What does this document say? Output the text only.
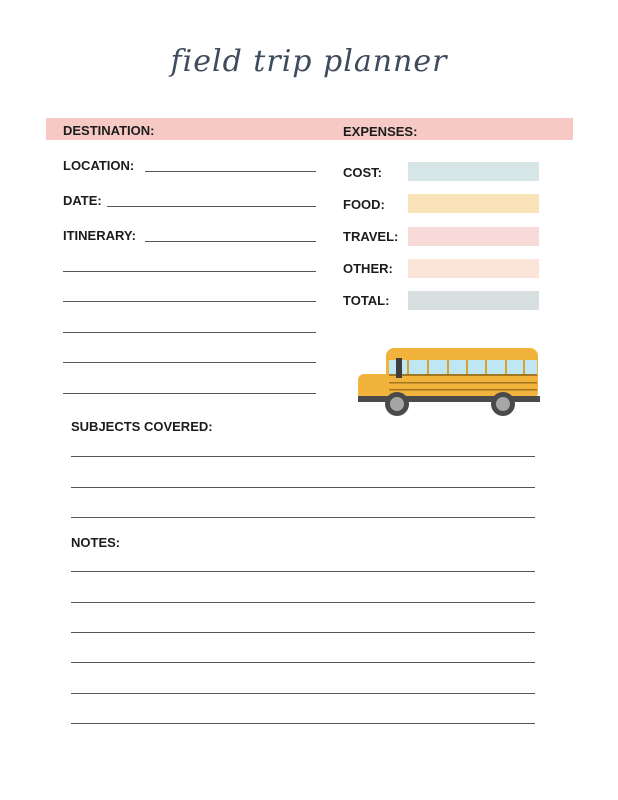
field trip planner
DESTINATION:	EXPENSES:
LOCATION:
DATE:
ITINERARY:
COST:
FOOD:
TRAVEL:
OTHER:
TOTAL:
SUBJECTS COVERED:
NOTES:
